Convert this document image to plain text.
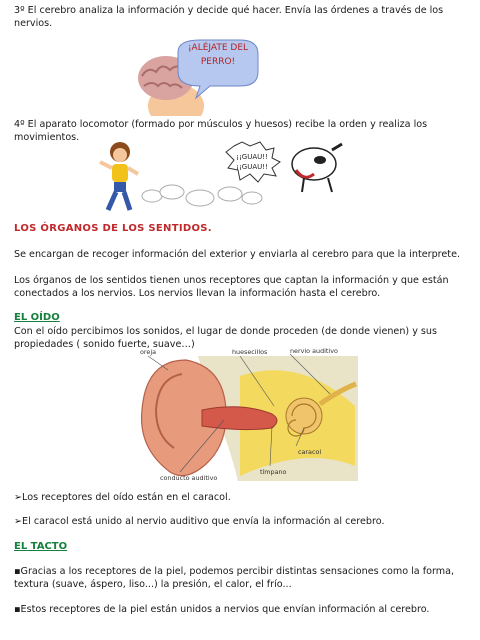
3º El cerebro analiza la información y decide qué hacer. Envía las órdenes a través de los nervios.

¡ALÉJATE DEL
PERRO!

4º El aparato locomotor (formado por músculos y huesos) recibe la orden y realiza los movimientos.

¡¡GUAU!!
¡¡GUAU!!

LOS ÓRGANOS DE LOS SENTIDOS.

Se encargan de recoger información del exterior y enviarla al cerebro para que la interprete.

Los órganos de los sentidos tienen unos receptores que captan la información y que están conectados a los nervios. Los nervios llevan la información hasta el cerebro.

EL OÍDO

Con el oído percibimos los sonidos, el lugar de donde proceden (de donde vienen) y sus propiedades ( sonido fuerte, suave…)

oreja	huesecillos	nervio auditivo
caracol
tímpano
conducto auditivo

➢Los receptores del oído están en el caracol.

➢El caracol está unido al nervio auditivo que envía la información al cerebro.

EL TACTO

▪Gracias a los receptores de la piel, podemos percibir distintas sensaciones como la forma, textura (suave, áspero, liso...) la presión, el calor, el frío...

▪Estos receptores de la piel están unidos a nervios que envían información al cerebro.
